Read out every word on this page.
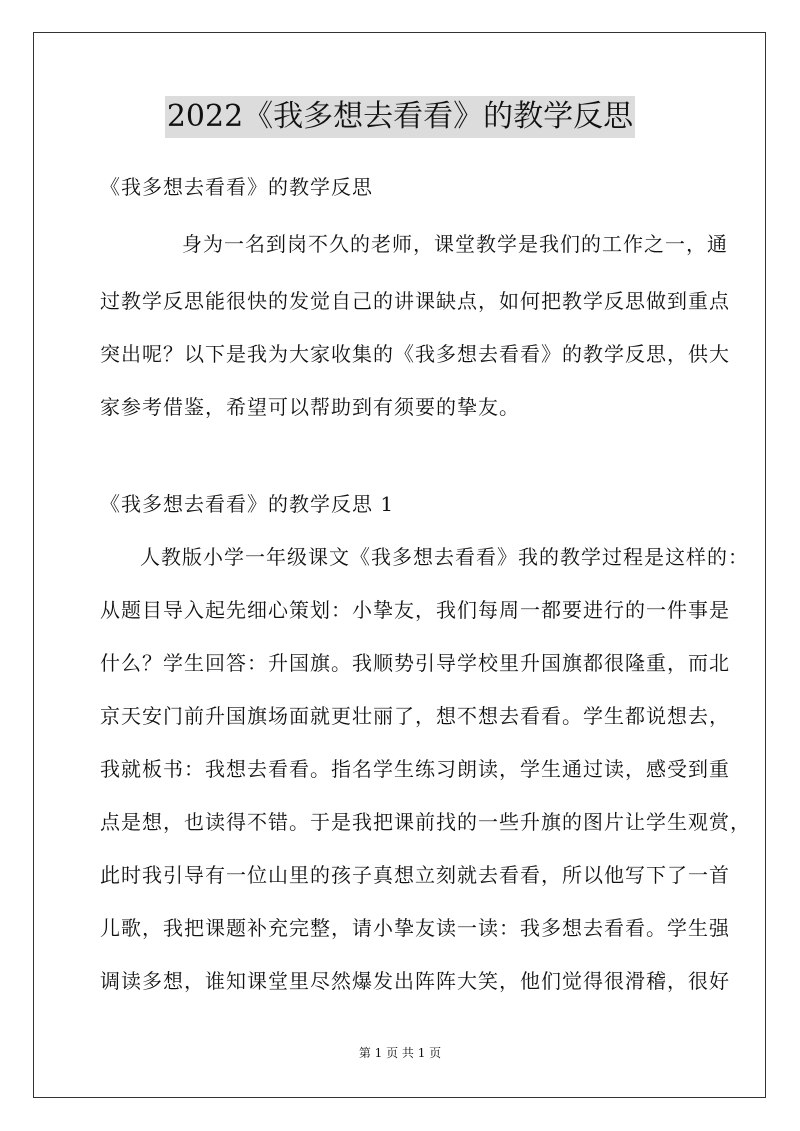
2022《我多想去看看》的教学反思
《我多想去看看》的教学反思
身为一名到岗不久的老师，课堂教学是我们的工作之一，通
过教学反思能很快的发觉自己的讲课缺点，如何把教学反思做到重点
突出呢？以下是我为大家收集的《我多想去看看》的教学反思，供大
家参考借鉴，希望可以帮助到有须要的挚友。
《我多想去看看》的教学反思 1
人教版小学一年级课文《我多想去看看》我的教学过程是这样的：
从题目导入起先细心策划：小挚友，我们每周一都要进行的一件事是
什么？学生回答：升国旗。我顺势引导学校里升国旗都很隆重，而北
京天安门前升国旗场面就更壮丽了，想不想去看看。学生都说想去，
我就板书：我想去看看。指名学生练习朗读，学生通过读，感受到重
点是想，也读得不错。于是我把课前找的一些升旗的图片让学生观赏，
此时我引导有一位山里的孩子真想立刻就去看看，所以他写下了一首
儿歌，我把课题补充完整，请小挚友读一读：我多想去看看。学生强
调读多想，谁知课堂里尽然爆发出阵阵大笑，他们觉得很滑稽，很好
第 1 页 共 1 页
